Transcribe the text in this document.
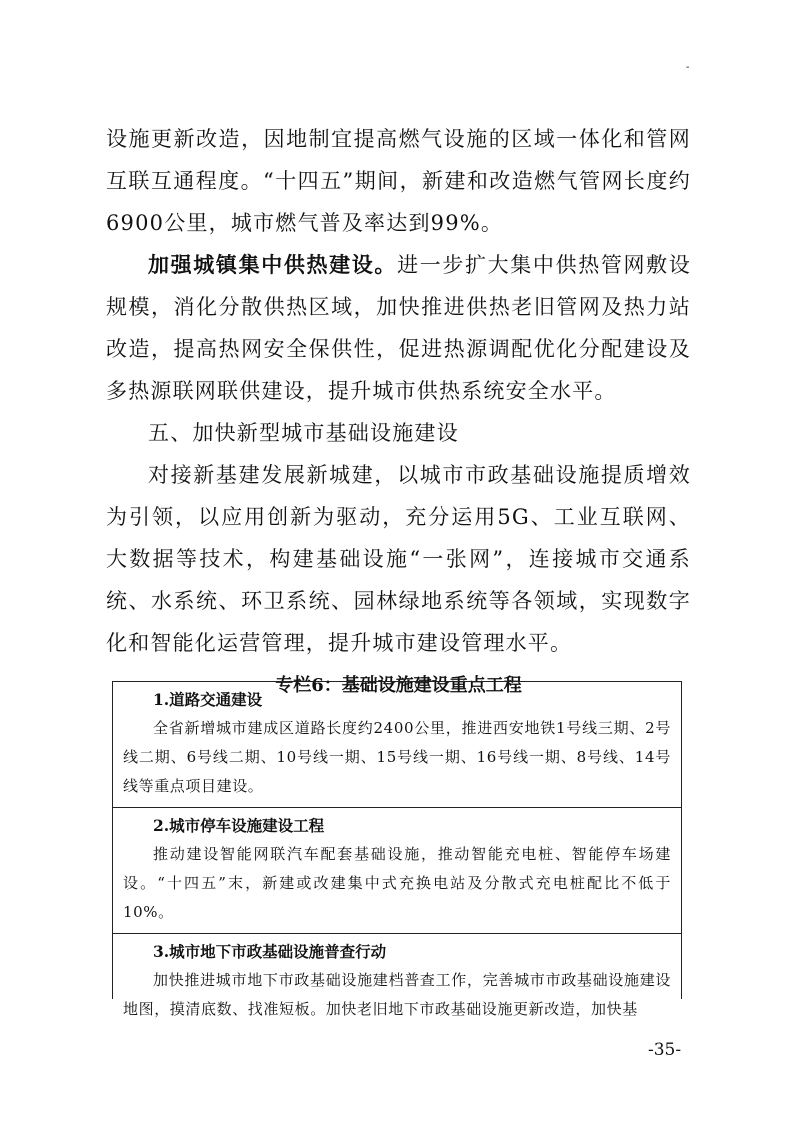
-

设施更新改造，因地制宜提高燃气设施的区域一体化和管网互联互通程度。“十四五”期间，新建和改造燃气管网长度约6900公里，城市燃气普及率达到99%。

加强城镇集中供热建设。进一步扩大集中供热管网敷设规模，消化分散供热区域，加快推进供热老旧管网及热力站改造，提高热网安全保供性，促进热源调配优化分配建设及多热源联网联供建设，提升城市供热系统安全水平。

五、加快新型城市基础设施建设

对接新基建发展新城建，以城市市政基础设施提质增效为引领，以应用创新为驱动，充分运用5G、工业互联网、大数据等技术，构建基础设施“一张网”，连接城市交通系统、水系统、环卫系统、园林绿地系统等各领域，实现数字化和智能化运营管理，提升城市建设管理水平。

专栏6：基础设施建设重点工程

1.道路交通建设

全省新增城市建成区道路长度约2400公里，推进西安地铁1号线三期、2号线二期、6号线二期、10号线一期、15号线一期、16号线一期、8号线、14号线等重点项目建设。

2.城市停车设施建设工程

推动建设智能网联汽车配套基础设施，推动智能充电桩、智能停车场建设。“十四五”末，新建或改建集中式充换电站及分散式充电桩配比不低于10%。

3.城市地下市政基础设施普查行动

加快推进城市地下市政基础设施建档普查工作，完善城市市政基础设施建设地图，摸清底数、找准短板。加快老旧地下市政基础设施更新改造，加快基

-35-
